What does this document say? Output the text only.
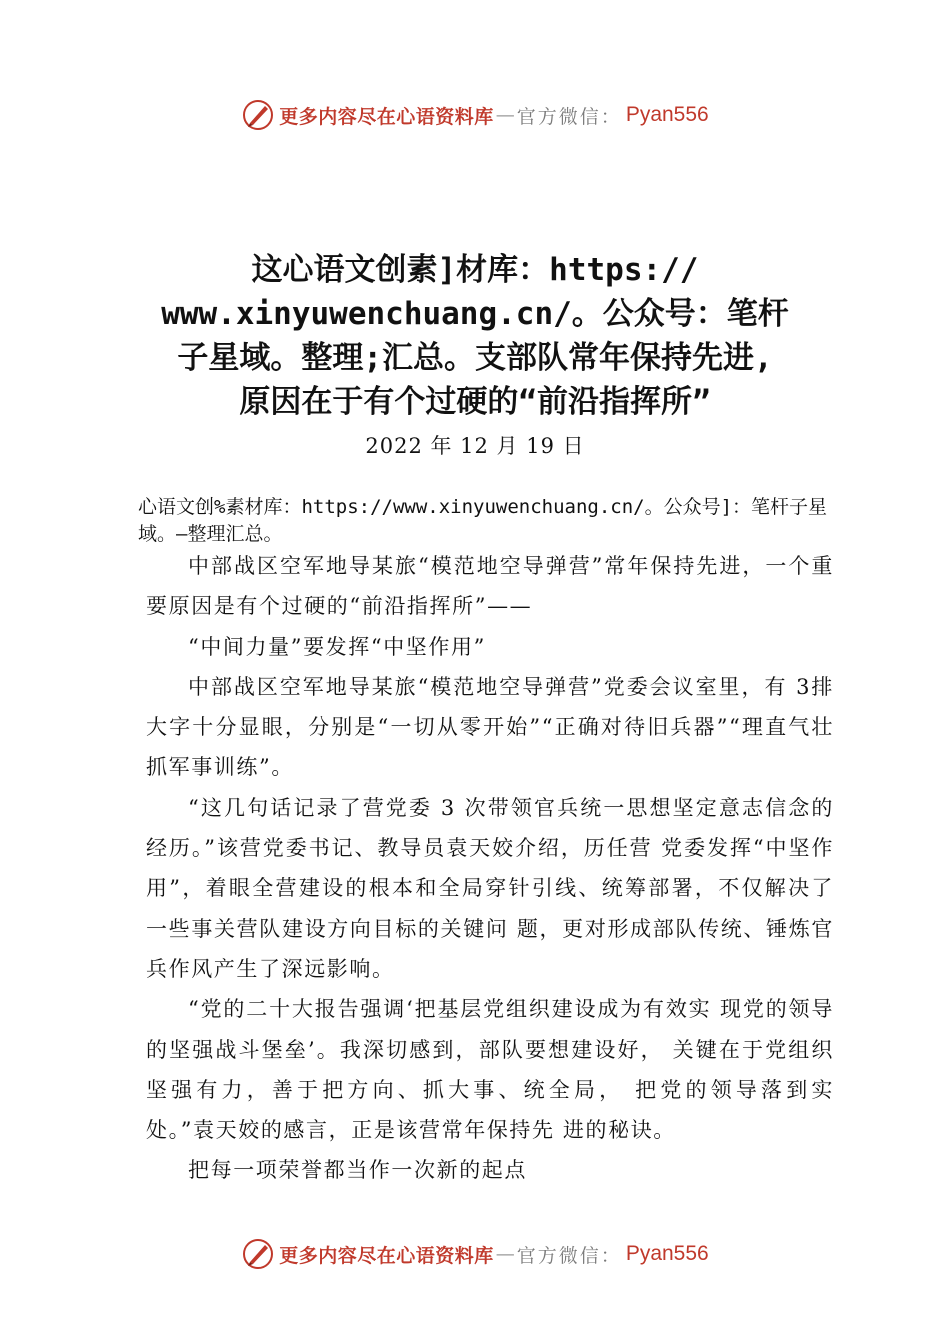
更多内容尽在心语资料库 — 官方微信： Pyan556
这心语文创素]材库：https://
www.xinyuwenchuang.cn/。公众号：笔杆
子星域。整理;汇总。支部队常年保持先进,
原因在于有个过硬的“前沿指挥所”
2022 年 12 月 19 日

心语文创%素材库：https://www.xinyuwenchuang.cn/。公众号]：笔杆子星域。—整理汇总。

中部战区空军地导某旅“模范地空导弹营”常年保持先进，一个重要原因是有个过硬的“前沿指挥所”——

“中间力量”要发挥“中坚作用”

中部战区空军地导某旅“模范地空导弹营”党委会议室里，有 3排大字十分显眼，分别是“一切从零开始”“正确对待旧兵器”“理直气壮抓军事训练”。

“这几句话记录了营党委 3 次带领官兵统一思想坚定意志信念的经历。”该营党委书记、教导员袁天姣介绍，历任营 党委发挥“中坚作用”，着眼全营建设的根本和全局穿针引线、统筹部署，不仅解决了一些事关营队建设方向目标的关键问 题，更对形成部队传统、锤炼官兵作风产生了深远影响。

“党的二十大报告强调‘把基层党组织建设成为有效实 现党的领导的坚强战斗堡垒’。我深切感到，部队要想建设好， 关键在于党组织坚强有力，善于把方向、抓大事、统全局， 把党的领导落到实处。”袁天姣的感言，正是该营常年保持先 进的秘诀。

把每一项荣誉都当作一次新的起点

更多内容尽在心语资料库 — 官方微信： Pyan556
